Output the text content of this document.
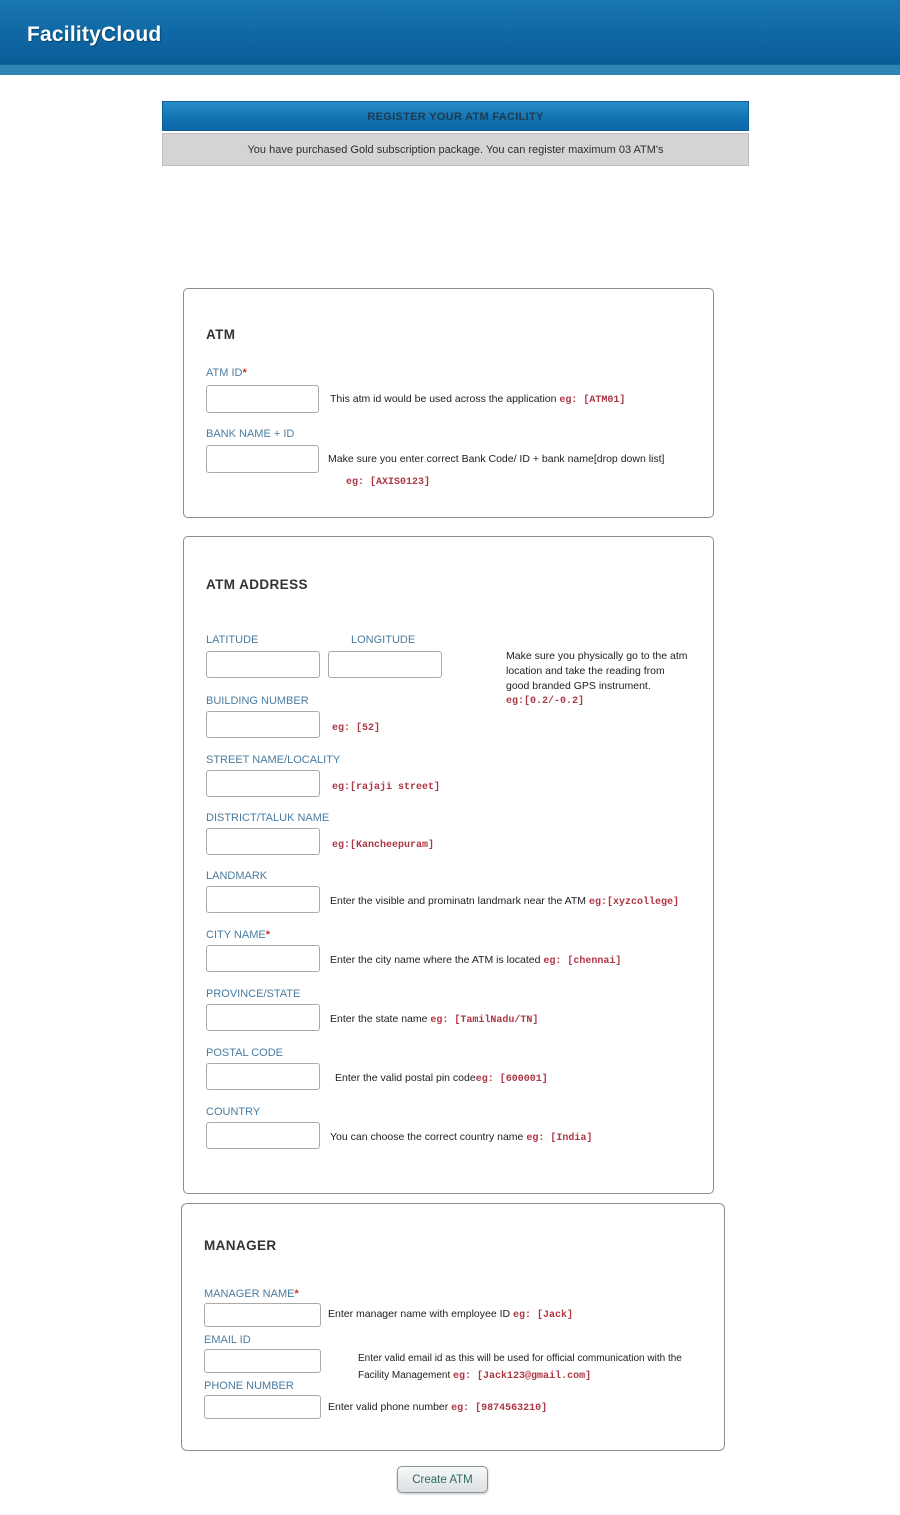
FacilityCloud
REGISTER YOUR ATM FACILITY
You have purchased Gold subscription package. You can register maximum 03 ATM's
ATM
ATM ID*
This atm id would be used across the application eg: [ATM01]
BANK NAME + ID
Make sure you enter correct Bank Code/ ID + bank name[drop down list]
eg: [AXIS0123]
ATM ADDRESS
LATITUDE	LONGITUDE
Make sure you physically go to the atm
location and take the reading from
good branded GPS instrument.
eg:[0.2/-0.2]
BUILDING NUMBER
eg: [52]
STREET NAME/LOCALITY
eg:[rajaji street]
DISTRICT/TALUK NAME
eg:[Kancheepuram]
LANDMARK
Enter the visible and prominatn landmark near the ATM eg:[xyzcollege]
CITY NAME*
Enter the city name where the ATM is located eg: [chennai]
PROVINCE/STATE
Enter the state name eg: [TamilNadu/TN]
POSTAL CODE
Enter the valid postal pin codeeg: [600001]
COUNTRY
You can choose the correct country name eg: [India]
MANAGER
MANAGER NAME*
Enter manager name with employee ID eg: [Jack]
EMAIL ID
Enter valid email id as this will be used for official communication with the
Facility Management eg: [Jack123@gmail.com]
PHONE NUMBER
Enter valid phone number eg: [9874563210]
Create ATM
